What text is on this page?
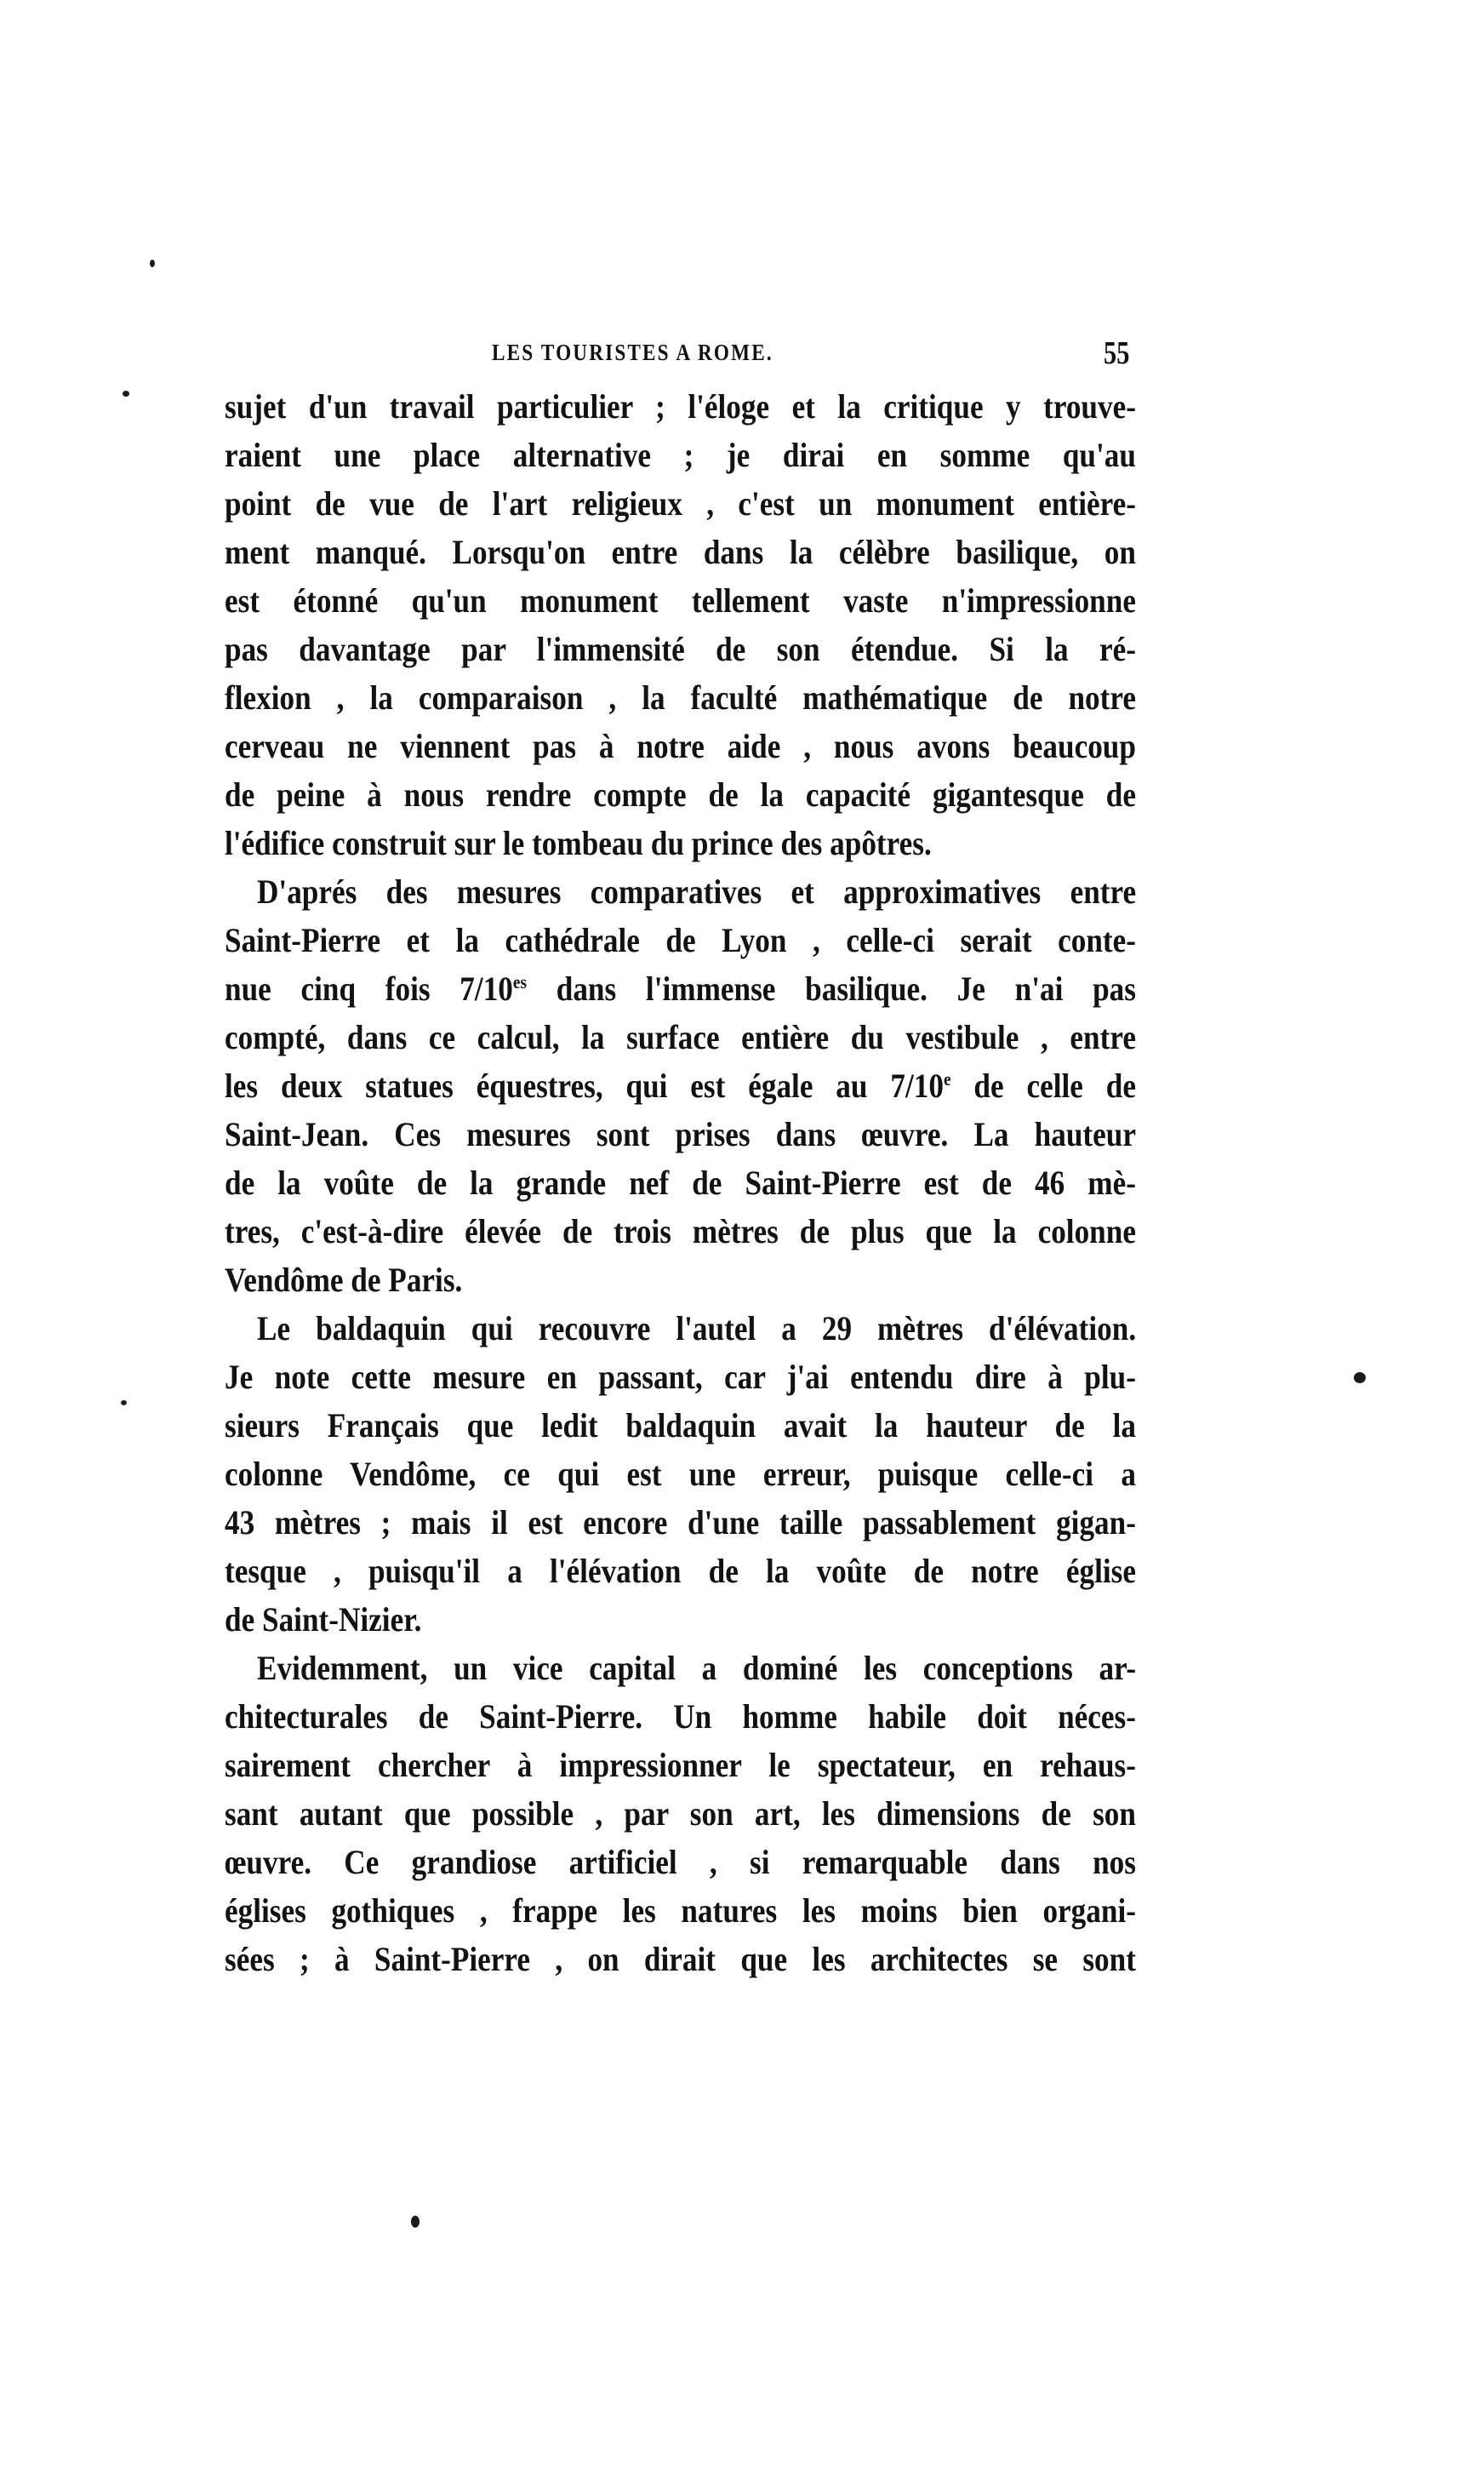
LES TOURISTES A ROME.	55
sujet d'un travail particulier ; l'éloge et la critique y trouve-
raient une place alternative ; je dirai en somme qu'au
point de vue de l'art religieux , c'est un monument entière-
ment manqué. Lorsqu'on entre dans la célèbre basilique, on
est étonné qu'un monument tellement vaste n'impressionne
pas davantage par l'immensité de son étendue. Si la ré-
flexion , la comparaison , la faculté mathématique de notre
cerveau ne viennent pas à notre aide , nous avons beaucoup
de peine à nous rendre compte de la capacité gigantesque de
l'édifice construit sur le tombeau du prince des apôtres.
D'aprés des mesures comparatives et approximatives entre
Saint-Pierre et la cathédrale de Lyon , celle-ci serait conte-
nue cinq fois $7/10^{es}$ dans l'immense basilique. Je n'ai pas
compté, dans ce calcul, la surface entière du vestibule , entre
les deux statues équestres, qui est égale au 7/10e de celle de
Saint-Jean. Ces mesures sont prises dans œuvre. La hauteur
de la voûte de la grande nef de Saint-Pierre est de 46 mè-
tres, c'est-à-dire élevée de trois mètres de plus que la colonne
Vendôme de Paris.
Le baldaquin qui recouvre l'autel a 29 mètres d'élévation.
Je note cette mesure en passant, car j'ai entendu dire à plu-
sieurs Français que ledit baldaquin avait la hauteur de la
colonne Vendôme, ce qui est une erreur, puisque celle-ci a
43 mètres ; mais il est encore d'une taille passablement gigan-
tesque , puisqu'il a l'élévation de la voûte de notre église
de Saint-Nizier.
Evidemment, un vice capital a dominé les conceptions ar-
chitecturales de Saint-Pierre. Un homme habile doit néces-
sairement chercher à impressionner le spectateur, en rehaus-
sant autant que possible , par son art, les dimensions de son
œuvre. Ce grandiose artificiel , si remarquable dans nos
églises gothiques , frappe les natures les moins bien organi-
sées ; à Saint-Pierre , on dirait que les architectes se sont
